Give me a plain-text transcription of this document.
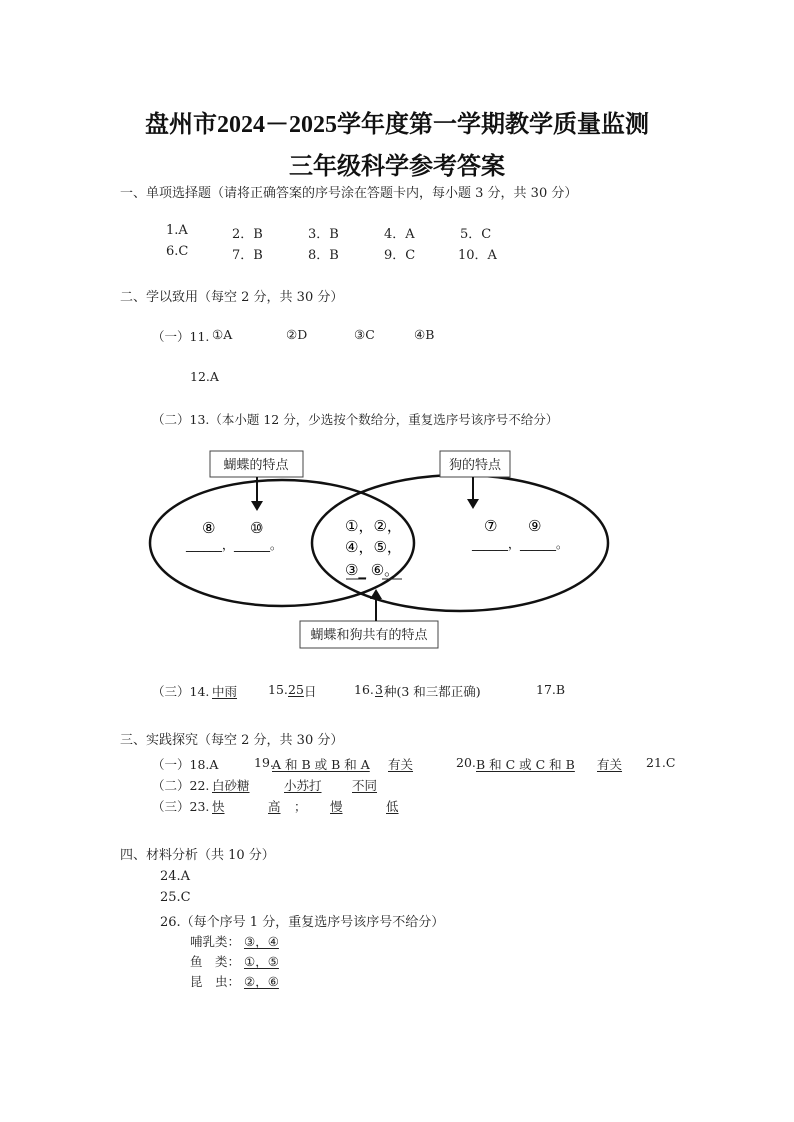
盘州市2024－2025学年度第一学期教学质量监测
三年级科学参考答案
一、单项选择题（请将正确答案的序号涂在答题卡内，每小题 3 分，共 30 分）
1.A	2．B	3．B	4．A	5．C
6.C	7．B	8．B	9．C	10．A
二、学以致用（每空 2 分，共 30 分）
（一）11. ①A	②D	③C	④B
12.A
（二）13.（本小题 12 分，少选按个数给分，重复选序号该序号不给分）
蝴蝶的特点	狗的特点
蝴蝶和狗共有的特点
⑧ ⑩
______，______。
①，②，
④，⑤，
③_ ⑥。
⑦ ⑨
______，______。
（三）14. 中雨 15. 25 日	16. 3 种(3 和三都正确)	17.B
三、实践探究（每空 2 分，共 30 分）
（一）18.A	19.
A 和 B 或 B 和 A 有关	20. B 和 C 或 C 和 B 有关 21.C
（二）22. 白砂糖	小苏打 不同
（三）23. 快	高 ； 慢	低
四、材料分析（共 10 分）
24.A
25.C
26.（每个序号 1 分，重复选序号该序号不给分）
哺乳类： ③，④
鱼　类： ①，⑤
昆　虫： ②，⑥
